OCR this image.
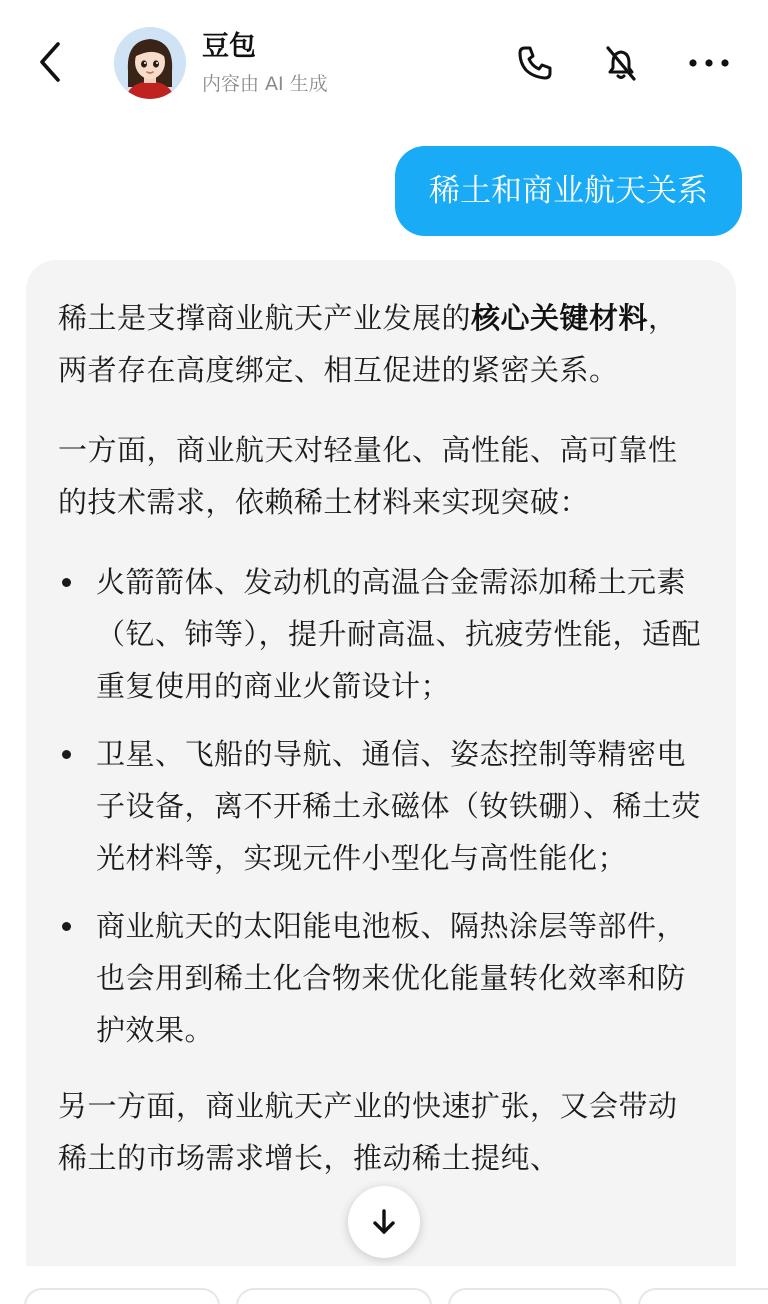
豆包
内容由 AI 生成
稀土和商业航天关系

稀土是支撑商业航天产业发展的核心关键材料，两者存在高度绑定、相互促进的紧密关系。

一方面，商业航天对轻量化、高性能、高可靠性的技术需求，依赖稀土材料来实现突破：

火箭箭体、发动机的高温合金需添加稀土元素（钇、铈等），提升耐高温、抗疲劳性能，适配重复使用的商业火箭设计；
卫星、飞船的导航、通信、姿态控制等精密电子设备，离不开稀土永磁体（钕铁硼）、稀土荧光材料等，实现元件小型化与高性能化；
商业航天的太阳能电池板、隔热涂层等部件，也会用到稀土化合物来优化能量转化效率和防护效果。

另一方面，商业航天产业的快速扩张，又会带动稀土的市场需求增长，推动稀土提纯、
